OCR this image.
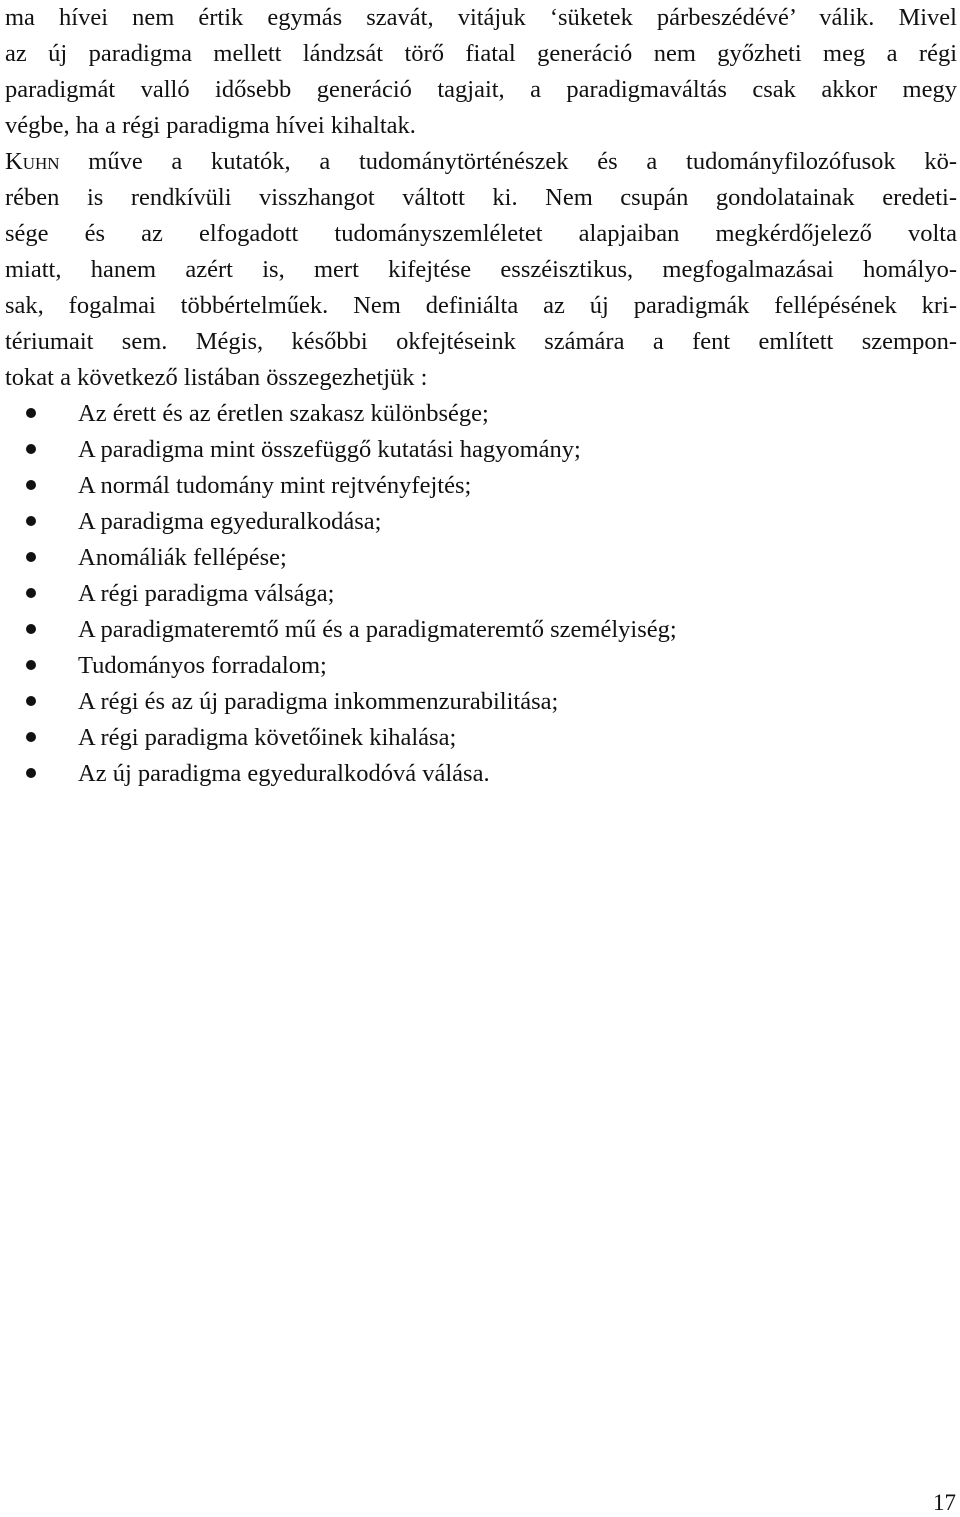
ma hívei nem értik egymás szavát, vitájuk ‘süketek párbeszédévé’ válik. Mivel
az új paradigma mellett lándzsát törő fiatal generáció nem győzheti meg a régi
paradigmát valló idősebb generáció tagjait, a paradigmaváltás csak akkor megy
végbe, ha a régi paradigma hívei kihaltak.

Kuhn műve a kutatók, a tudománytörténészek és a tudományfilozófusok kö-
rében is rendkívüli visszhangot váltott ki. Nem csupán gondolatainak eredeti-
sége és az elfogadott tudományszemléletet alapjaiban megkérdőjelező volta
miatt, hanem azért is, mert kifejtése esszéisztikus, megfogalmazásai homályo-
sak, fogalmai többértelműek. Nem definiálta az új paradigmák fellépésének kri-
tériumait sem. Mégis, későbbi okfejtéseink számára a fent említett szempon-
tokat a következő listában összegezhetjük :

Az érett és az éretlen szakasz különbsége;
A paradigma mint összefüggő kutatási hagyomány;
A normál tudomány mint rejtvényfejtés;
A paradigma egyeduralkodása;
Anomáliák fellépése;
A régi paradigma válsága;
A paradigmateremtő mű és a paradigmateremtő személyiség;
Tudományos forradalom;
A régi és az új paradigma inkommenzurabilitása;
A régi paradigma követőinek kihalása;
Az új paradigma egyeduralkodóvá válása.
17
